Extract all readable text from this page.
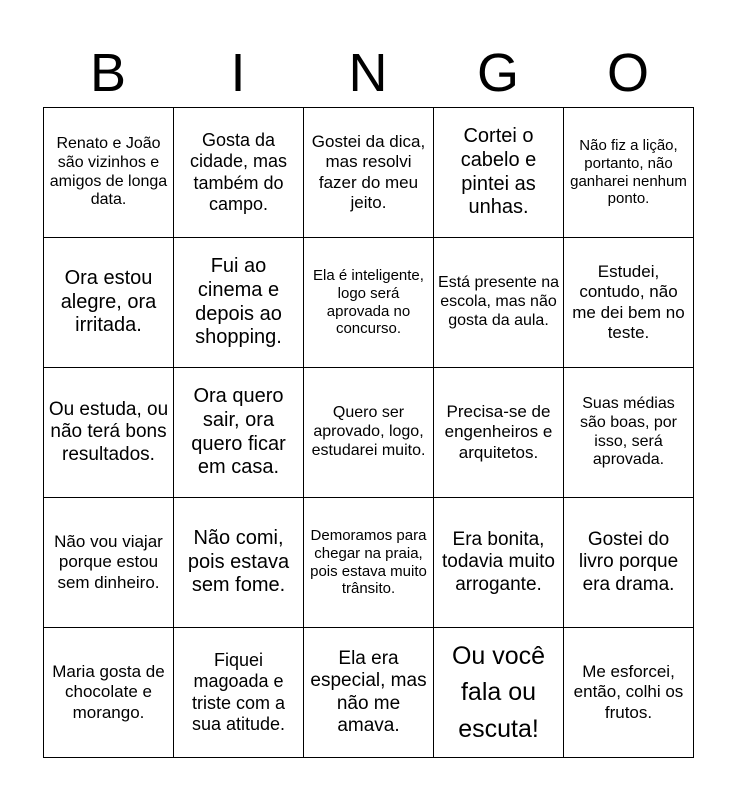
B	I	N	G	O
Renato e João são vizinhos e amigos de longa data.	Gosta da cidade, mas também do campo.	Gostei da dica, mas resolvi fazer do meu jeito.	Cortei o cabelo e pintei as unhas.	Não fiz a lição, portanto, não ganharei nenhum ponto.
Ora estou alegre, ora irritada.	Fui ao cinema e depois ao shopping.	Ela é inteligente, logo será aprovada no concurso.	Está presente na escola, mas não gosta da aula.	Estudei, contudo, não me dei bem no teste.
Ou estuda, ou não terá bons resultados.	Ora quero sair, ora quero ficar em casa.	Quero ser aprovado, logo, estudarei muito.	Precisa-se de engenheiros e arquitetos.	Suas médias são boas, por isso, será aprovada.
Não vou viajar porque estou sem dinheiro.	Não comi, pois estava sem fome.	Demoramos para chegar na praia, pois estava muito trânsito.	Era bonita, todavia muito arrogante.	Gostei do livro porque era drama.
Maria gosta de chocolate e morango.	Fiquei magoada e triste com a sua atitude.	Ela era especial, mas não me amava.	Ou você fala ou escuta!	Me esforcei, então, colhi os frutos.
